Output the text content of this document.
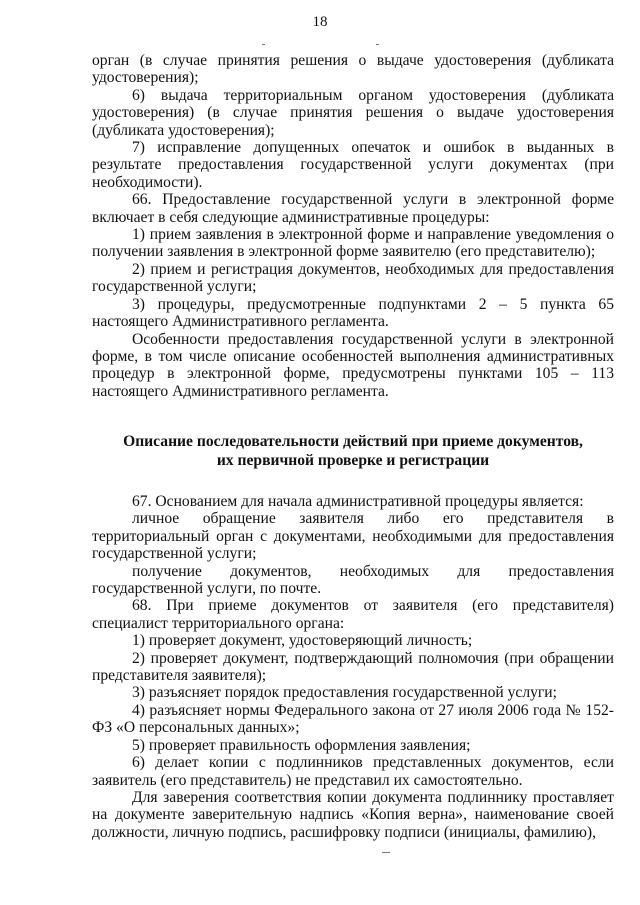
18

орган (в случае принятия решения о выдаче удостоверения (дубликата удостоверения);

6) выдача территориальным органом удостоверения (дубликата удостоверения) (в случае принятия решения о выдаче удостоверения (дубликата удостоверения);

7) исправление допущенных опечаток и ошибок в выданных в результате предоставления государственной услуги документах (при необходимости).

66. Предоставление государственной услуги в электронной форме включает в себя следующие административные процедуры:

1) прием заявления в электронной форме и направление уведомления о получении заявления в электронной форме заявителю (его представителю);

2) прием и регистрация документов, необходимых для предоставления государственной услуги;

3) процедуры, предусмотренные подпунктами 2 – 5 пункта 65 настоящего Административного регламента.

Особенности предоставления государственной услуги в электронной форме, в том числе описание особенностей выполнения административных процедур в электронной форме, предусмотрены пунктами 105 – 113 настоящего Административного регламента.

Описание последовательности действий при приеме документов,
их первичной проверке и регистрации

67. Основанием для начала административной процедуры является:

личное обращение заявителя либо его представителя в территориальный орган с документами, необходимыми для предоставления государственной услуги;

получение документов, необходимых для предоставления государственной услуги, по почте.

68. При приеме документов от заявителя (его представителя) специалист территориального органа:

1) проверяет документ, удостоверяющий личность;

2) проверяет документ, подтверждающий полномочия (при обращении представителя заявителя);

3) разъясняет порядок предоставления государственной услуги;

4) разъясняет нормы Федерального закона от 27 июля 2006 года № 152-ФЗ «О персональных данных»;

5) проверяет правильность оформления заявления;

6) делает копии с подлинников представленных документов, если заявитель (его представитель) не представил их самостоятельно.

Для заверения соответствия копии документа подлиннику проставляет на документе заверительную надпись «Копия верна», наименование своей должности, личную подпись, расшифровку подписи (инициалы, фамилию),
